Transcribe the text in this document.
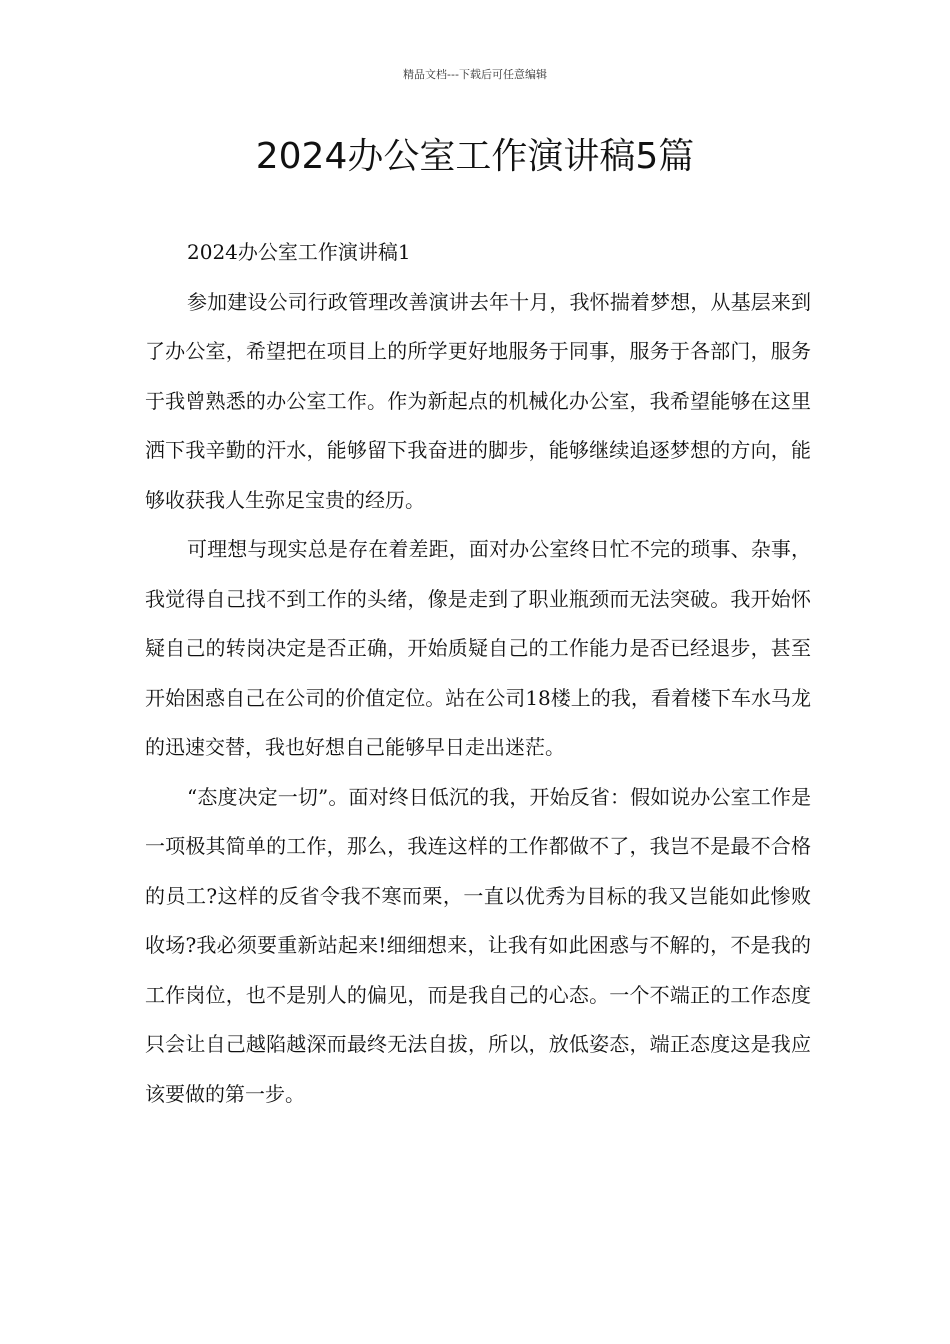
精品文档---下载后可任意编辑
2024办公室工作演讲稿5篇

2024办公室工作演讲稿1

参加建设公司行政管理改善演讲去年十月，我怀揣着梦想，从基层来到了办公室，希望把在项目上的所学更好地服务于同事，服务于各部门，服务于我曾熟悉的办公室工作。作为新起点的机械化办公室，我希望能够在这里洒下我辛勤的汗水，能够留下我奋进的脚步，能够继续追逐梦想的方向，能够收获我人生弥足宝贵的经历。

可理想与现实总是存在着差距，面对办公室终日忙不完的琐事、杂事，我觉得自己找不到工作的头绪，像是走到了职业瓶颈而无法突破。我开始怀疑自己的转岗决定是否正确，开始质疑自己的工作能力是否已经退步，甚至开始困惑自己在公司的价值定位。站在公司18楼上的我，看着楼下车水马龙的迅速交替，我也好想自己能够早日走出迷茫。

“态度决定一切”。面对终日低沉的我，开始反省：假如说办公室工作是一项极其简单的工作，那么，我连这样的工作都做不了，我岂不是最不合格的员工?这样的反省令我不寒而栗，一直以优秀为目标的我又岂能如此惨败收场?我必须要重新站起来!细细想来，让我有如此困惑与不解的，不是我的工作岗位，也不是别人的偏见，而是我自己的心态。一个不端正的工作态度只会让自己越陷越深而最终无法自拔，所以，放低姿态，端正态度这是我应该要做的第一步。
